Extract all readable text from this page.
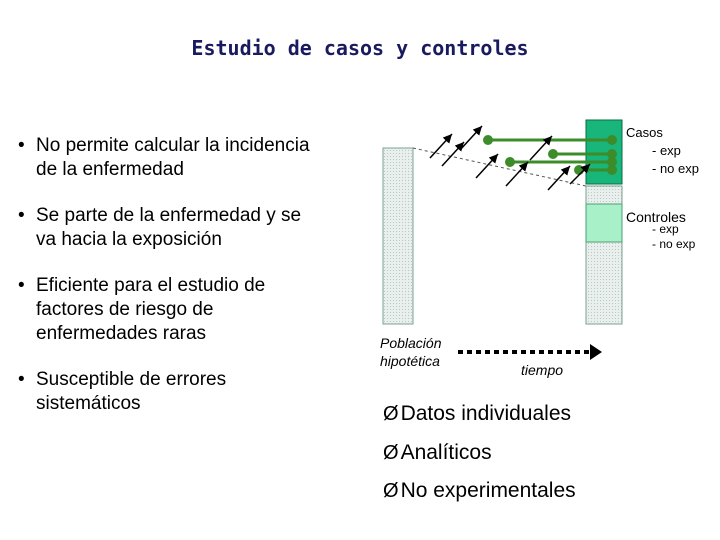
Estudio de casos y controles
• No permite calcular la incidencia
de la enfermedad
• Se parte de la enfermedad y se
va hacia la exposición
• Eficiente para el estudio de
factores de riesgo de
enfermedades raras
• Susceptible de errores
sistemáticos
Casos
- exp
- no exp
Controles
- exp
- no exp
Población
hipotética
tiempo
Ø Datos individuales
Ø Analíticos
Ø No experimentales
